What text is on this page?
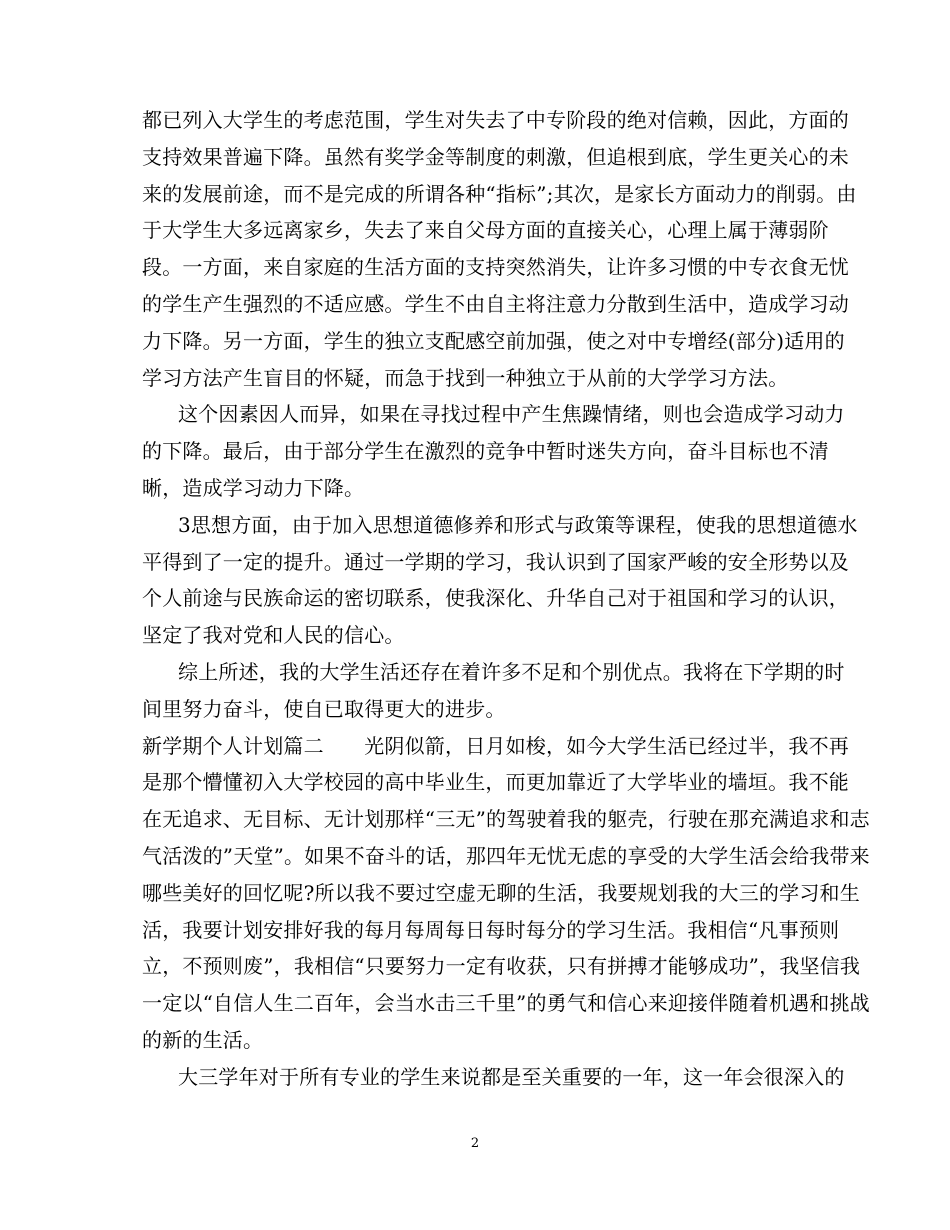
都已列入大学生的考虑范围，学生对失去了中专阶段的绝对信赖，因此，方面的
支持效果普遍下降。虽然有奖学金等制度的刺激，但追根到底，学生更关心的未
来的发展前途，而不是完成的所谓各种“指标”;其次，是家长方面动力的削弱。由
于大学生大多远离家乡，失去了来自父母方面的直接关心，心理上属于薄弱阶
段。一方面，来自家庭的生活方面的支持突然消失，让许多习惯的中专衣食无忧
的学生产生强烈的不适应感。学生不由自主将注意力分散到生活中，造成学习动
力下降。另一方面，学生的独立支配感空前加强，使之对中专增经(部分)适用的
学习方法产生盲目的怀疑，而急于找到一种独立于从前的大学学习方法。
这个因素因人而异，如果在寻找过程中产生焦躁情绪，则也会造成学习动力
的下降。最后，由于部分学生在激烈的竞争中暂时迷失方向，奋斗目标也不清
晰，造成学习动力下降。
3思想方面，由于加入思想道德修养和形式与政策等课程，使我的思想道德水
平得到了一定的提升。通过一学期的学习，我认识到了国家严峻的安全形势以及
个人前途与民族命运的密切联系，使我深化、升华自己对于祖国和学习的认识，
坚定了我对党和人民的信心。
综上所述，我的大学生活还存在着许多不足和个别优点。我将在下学期的时
间里努力奋斗，使自已取得更大的进步。
新学期个人计划篇二　　光阴似箭，日月如梭，如今大学生活已经过半，我不再
是那个懵懂初入大学校园的高中毕业生，而更加靠近了大学毕业的墙垣。我不能
在无追求、无目标、无计划那样“三无”的驾驶着我的躯壳，行驶在那充满追求和志
气活泼的”天堂”。如果不奋斗的话，那四年无忧无虑的享受的大学生活会给我带来
哪些美好的回忆呢?所以我不要过空虚无聊的生活，我要规划我的大三的学习和生
活，我要计划安排好我的每月每周每日每时每分的学习生活。我相信“凡事预则
立，不预则废”，我相信“只要努力一定有收获，只有拼搏才能够成功”，我坚信我
一定以“自信人生二百年，会当水击三千里”的勇气和信心来迎接伴随着机遇和挑战
的新的生活。
大三学年对于所有专业的学生来说都是至关重要的一年，这一年会很深入的
2
